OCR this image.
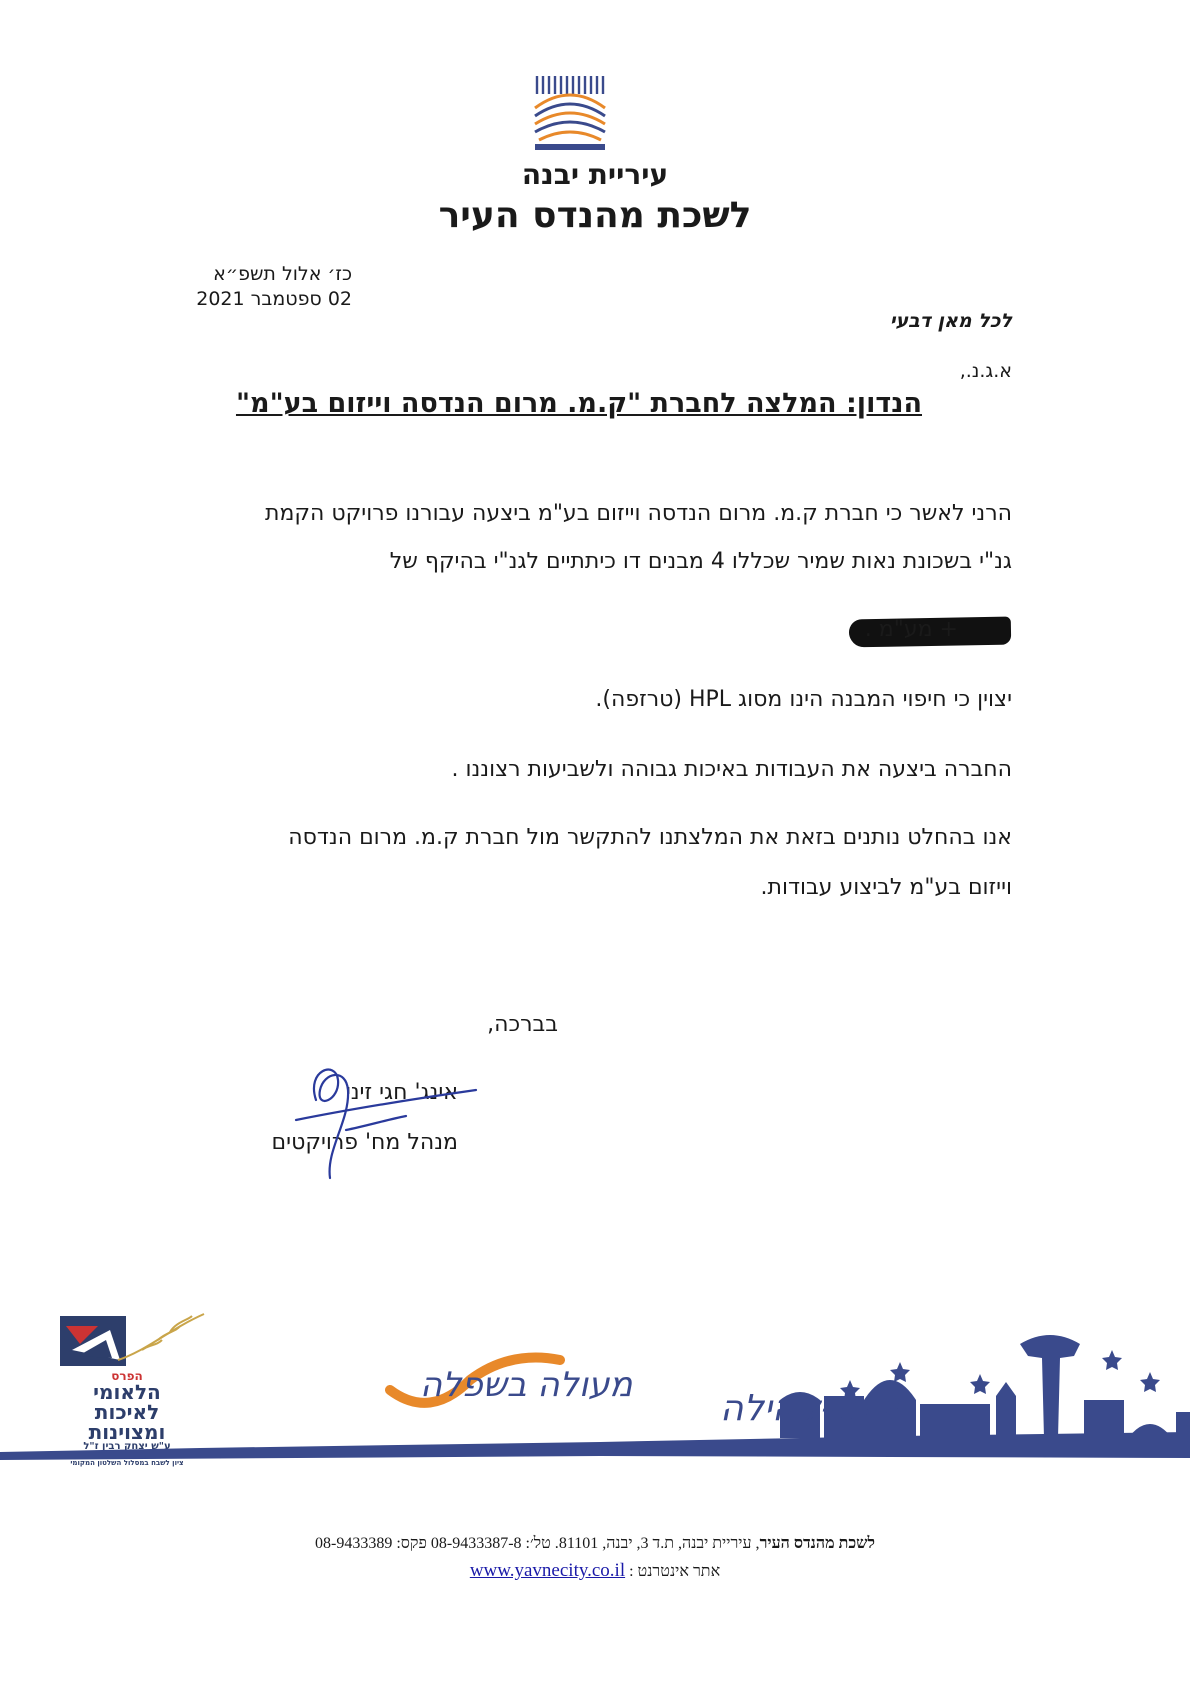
עיריית יבנה
לשכת מהנדס העיר
כז׳ אלול תשפ״א
02 ספטמבר 2021
לכל מאן דבעי
א.ג.נ.,
הנדון: המלצה לחברת "ק.מ. מרום הנדסה וייזום בע"מ"
הרני לאשר כי חברת ק.מ. מרום הנדסה וייזום בע"מ ביצעה עבורנו פרויקט הקמת
גנ"י בשכונת נאות שמיר שכללו 4 מבנים דו כיתתיים לגנ"י בהיקף של
+ מע"מ .
יצוין כי חיפוי המבנה הינו מסוג HPL (טרזפה).
החברה ביצעה את העבודות באיכות גבוהה ולשביעות רצוננו .
אנו בהחלט נותנים בזאת את המלצתנו להתקשר מול חברת ק.מ. מרום הנדסה
וייזום בע"מ לביצוע עבודות.
בברכה,
אינג' חגי זיני
מנהל מח' פרויקטים
הפרס
הלאומי
לאיכות
ומצוינות
ע"ש יצחק רבין ז"ל
ציון לשבח במסלול השלטון המקומי
יבנה-קהילה
מעולה בשפלה
לשכת מהנדס העיר, עיריית יבנה, ת.ד 3, יבנה, 81101. טל׳: 08-9433387-8 פקס: 08-9433389
אתר אינטרנט : www.yavnecity.co.il
